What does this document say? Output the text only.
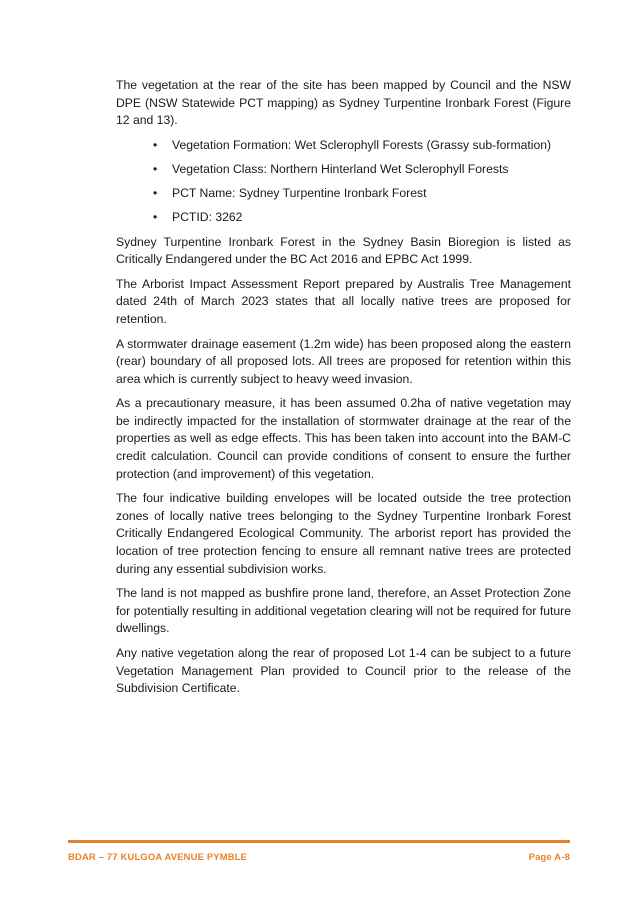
The vegetation at the rear of the site has been mapped by Council and the NSW DPE (NSW Statewide PCT mapping) as Sydney Turpentine Ironbark Forest (Figure 12 and 13).

• Vegetation Formation: Wet Sclerophyll Forests (Grassy sub-formation)
• Vegetation Class: Northern Hinterland Wet Sclerophyll Forests
• PCT Name: Sydney Turpentine Ironbark Forest
• PCTID: 3262

Sydney Turpentine Ironbark Forest in the Sydney Basin Bioregion is listed as Critically Endangered under the BC Act 2016 and EPBC Act 1999.

The Arborist Impact Assessment Report prepared by Australis Tree Management dated 24th of March 2023 states that all locally native trees are proposed for retention.

A stormwater drainage easement (1.2m wide) has been proposed along the eastern (rear) boundary of all proposed lots. All trees are proposed for retention within this area which is currently subject to heavy weed invasion.

As a precautionary measure, it has been assumed 0.2ha of native vegetation may be indirectly impacted for the installation of stormwater drainage at the rear of the properties as well as edge effects. This has been taken into account into the BAM-C credit calculation. Council can provide conditions of consent to ensure the further protection (and improvement) of this vegetation.

The four indicative building envelopes will be located outside the tree protection zones of locally native trees belonging to the Sydney Turpentine Ironbark Forest Critically Endangered Ecological Community. The arborist report has provided the location of tree protection fencing to ensure all remnant native trees are protected during any essential subdivision works.

The land is not mapped as bushfire prone land, therefore, an Asset Protection Zone for potentially resulting in additional vegetation clearing will not be required for future dwellings.

Any native vegetation along the rear of proposed Lot 1-4 can be subject to a future Vegetation Management Plan provided to Council prior to the release of the Subdivision Certificate.

BDAR – 77 KULGOA AVENUE PYMBLE	Page A-8
